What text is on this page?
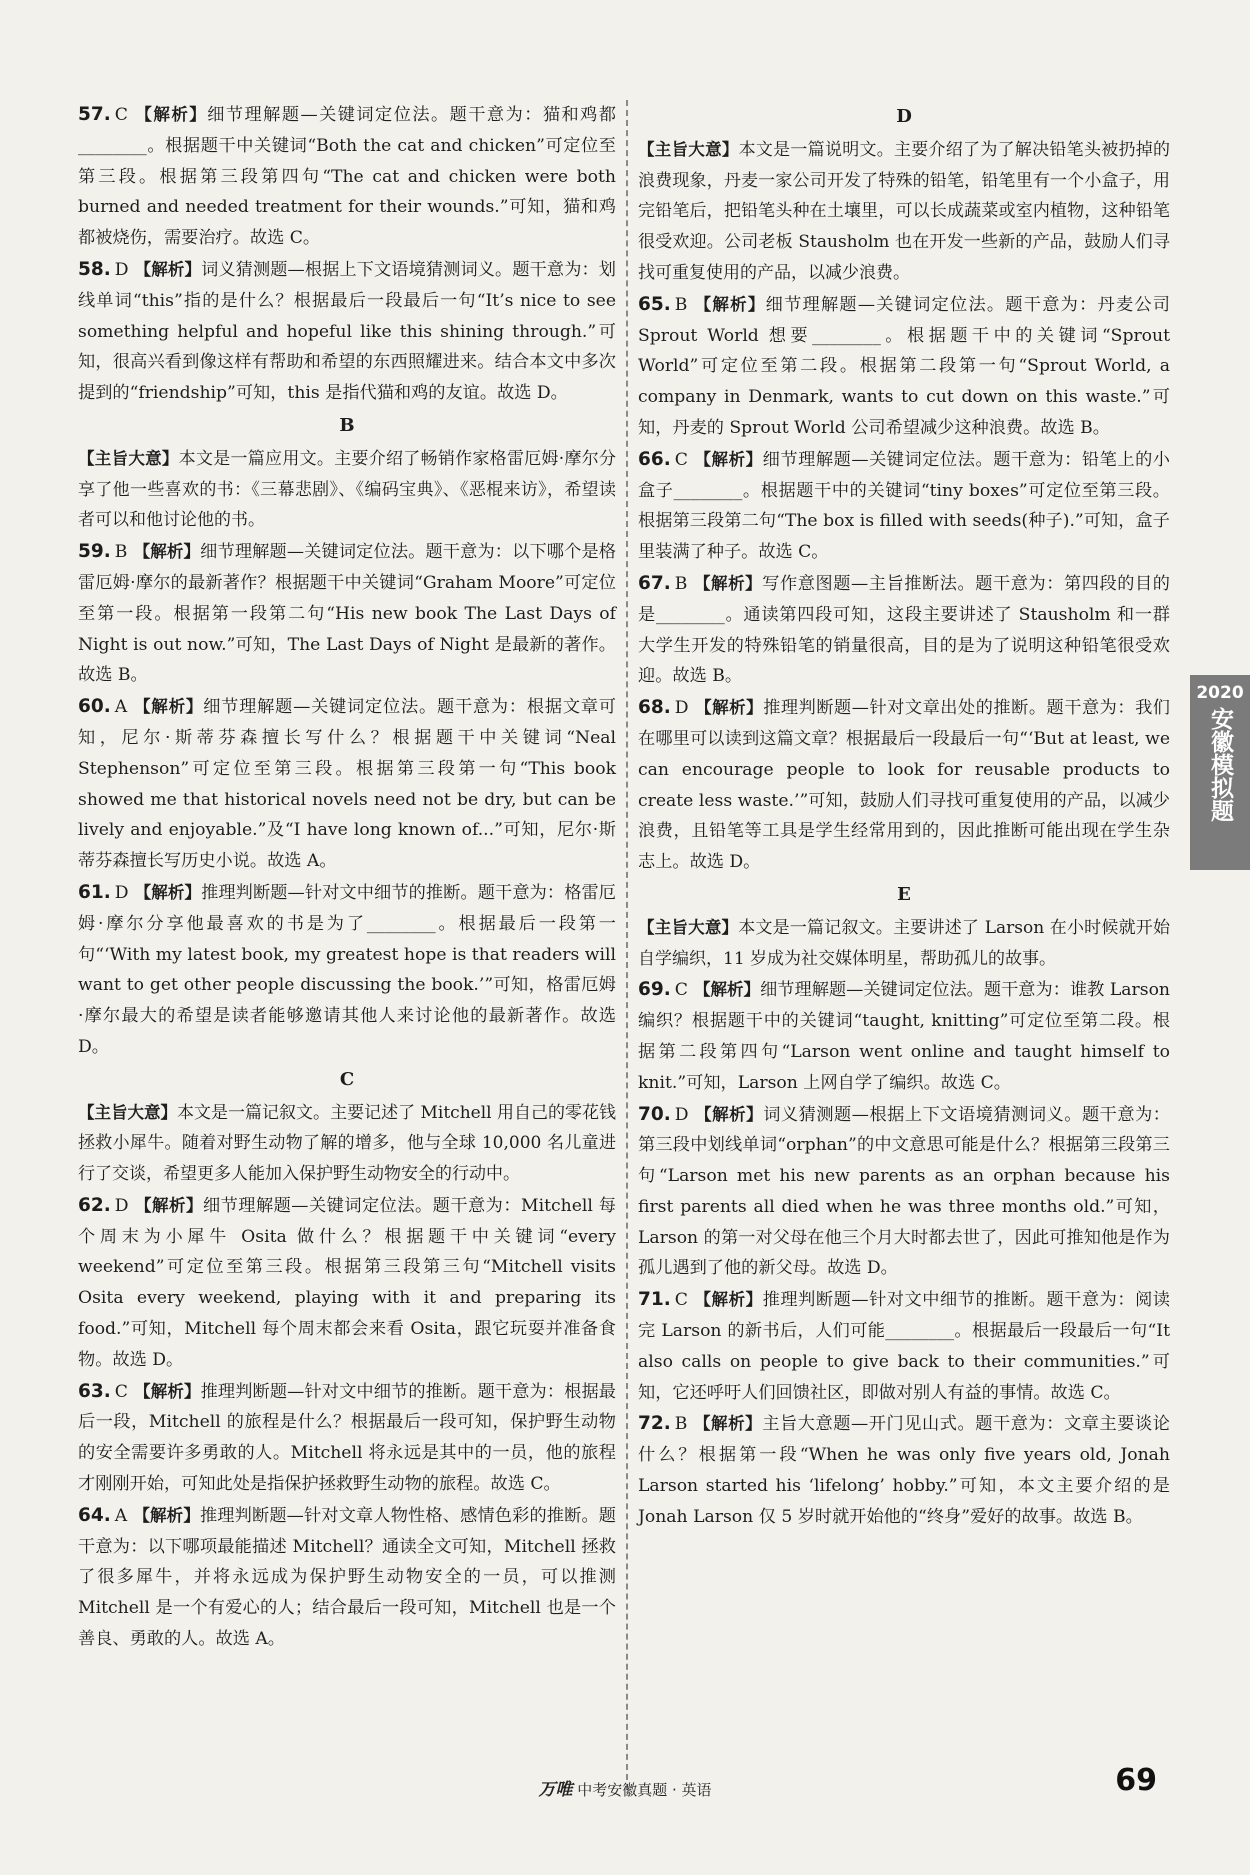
57. C 【解析】细节理解题—关键词定位法。题干意为：猫和鸡都________。根据题干中关键词“Both the cat and chicken”可定位至第三段。根据第三段第四句“The cat and chicken were both burned and needed treatment for their wounds.”可知，猫和鸡都被烧伤，需要治疗。故选 C。
58. D 【解析】词义猜测题—根据上下文语境猜测词义。题干意为：划线单词“this”指的是什么？根据最后一段最后一句“It’s nice to see something helpful and hopeful like this shining through.”可知，很高兴看到像这样有帮助和希望的东西照耀进来。结合本文中多次提到的“friendship”可知，this 是指代猫和鸡的友谊。故选 D。
B
【主旨大意】本文是一篇应用文。主要介绍了畅销作家格雷厄姆·摩尔分享了他一些喜欢的书：《三幕悲剧》、《编码宝典》、《恶棍来访》，希望读者可以和他讨论他的书。
59. B 【解析】细节理解题—关键词定位法。题干意为：以下哪个是格雷厄姆·摩尔的最新著作？根据题干中关键词“Graham Moore”可定位至第一段。根据第一段第二句“His new book The Last Days of Night is out now.”可知，The Last Days of Night 是最新的著作。故选 B。
60. A 【解析】细节理解题—关键词定位法。题干意为：根据文章可知，尼尔·斯蒂芬森擅长写什么？根据题干中关键词“Neal Stephenson”可定位至第三段。根据第三段第一句“This book showed me that historical novels need not be dry, but can be lively and enjoyable.”及“I have long known of...”可知，尼尔·斯蒂芬森擅长写历史小说。故选 A。
61. D 【解析】推理判断题—针对文中细节的推断。题干意为：格雷厄姆·摩尔分享他最喜欢的书是为了________。根据最后一段第一句“‘With my latest book, my greatest hope is that readers will want to get other people discussing the book.’”可知，格雷厄姆·摩尔最大的希望是读者能够邀请其他人来讨论他的最新著作。故选 D。
C
【主旨大意】本文是一篇记叙文。主要记述了 Mitchell 用自己的零花钱拯救小犀牛。随着对野生动物了解的增多，他与全球 10,000 名儿童进行了交谈，希望更多人能加入保护野生动物安全的行动中。
62. D 【解析】细节理解题—关键词定位法。题干意为：Mitchell 每个周末为小犀牛 Osita 做什么？根据题干中关键词“every weekend”可定位至第三段。根据第三段第三句“Mitchell visits Osita every weekend, playing with it and preparing its food.”可知，Mitchell 每个周末都会来看 Osita，跟它玩耍并准备食物。故选 D。
63. C 【解析】推理判断题—针对文中细节的推断。题干意为：根据最后一段，Mitchell 的旅程是什么？根据最后一段可知，保护野生动物的安全需要许多勇敢的人。Mitchell 将永远是其中的一员，他的旅程才刚刚开始，可知此处是指保护拯救野生动物的旅程。故选 C。
64. A 【解析】推理判断题—针对文章人物性格、感情色彩的推断。题干意为：以下哪项最能描述 Mitchell？通读全文可知，Mitchell 拯救了很多犀牛，并将永远成为保护野生动物安全的一员，可以推测 Mitchell 是一个有爱心的人；结合最后一段可知，Mitchell 也是一个善良、勇敢的人。故选 A。
D
【主旨大意】本文是一篇说明文。主要介绍了为了解决铅笔头被扔掉的浪费现象，丹麦一家公司开发了特殊的铅笔，铅笔里有一个小盒子，用完铅笔后，把铅笔头种在土壤里，可以长成蔬菜或室内植物，这种铅笔很受欢迎。公司老板 Stausholm 也在开发一些新的产品，鼓励人们寻找可重复使用的产品，以减少浪费。
65. B 【解析】细节理解题—关键词定位法。题干意为：丹麦公司 Sprout World 想要________。根据题干中的关键词“Sprout World”可定位至第二段。根据第二段第一句“Sprout World, a company in Denmark, wants to cut down on this waste.”可知，丹麦的 Sprout World 公司希望减少这种浪费。故选 B。
66. C 【解析】细节理解题—关键词定位法。题干意为：铅笔上的小盒子________。根据题干中的关键词“tiny boxes”可定位至第三段。根据第三段第二句“The box is filled with seeds(种子).”可知，盒子里装满了种子。故选 C。
67. B 【解析】写作意图题—主旨推断法。题干意为：第四段的目的是________。通读第四段可知，这段主要讲述了 Stausholm 和一群大学生开发的特殊铅笔的销量很高，目的是为了说明这种铅笔很受欢迎。故选 B。
68. D 【解析】推理判断题—针对文章出处的推断。题干意为：我们在哪里可以读到这篇文章？根据最后一段最后一句“‘But at least, we can encourage people to look for reusable products to create less waste.’”可知，鼓励人们寻找可重复使用的产品，以减少浪费，且铅笔等工具是学生经常用到的，因此推断可能出现在学生杂志上。故选 D。
E
【主旨大意】本文是一篇记叙文。主要讲述了 Larson 在小时候就开始自学编织，11 岁成为社交媒体明星，帮助孤儿的故事。
69. C 【解析】细节理解题—关键词定位法。题干意为：谁教 Larson 编织？根据题干中的关键词“taught, knitting”可定位至第二段。根据第二段第四句“Larson went online and taught himself to knit.”可知，Larson 上网自学了编织。故选 C。
70. D 【解析】词义猜测题—根据上下文语境猜测词义。题干意为：第三段中划线单词“orphan”的中文意思可能是什么？根据第三段第三句“Larson met his new parents as an orphan because his first parents all died when he was three months old.”可知，Larson 的第一对父母在他三个月大时都去世了，因此可推知他是作为孤儿遇到了他的新父母。故选 D。
71. C 【解析】推理判断题—针对文中细节的推断。题干意为：阅读完 Larson 的新书后，人们可能________。根据最后一段最后一句“It also calls on people to give back to their communities.”可知，它还呼吁人们回馈社区，即做对别人有益的事情。故选 C。
72. B 【解析】主旨大意题—开门见山式。题干意为：文章主要谈论什么？根据第一段“When he was only five years old, Jonah Larson started his ‘lifelong’ hobby.”可知，本文主要介绍的是 Jonah Larson 仅 5 岁时就开始他的“终身”爱好的故事。故选 B。
2020
安徽模拟题
万唯 中考安徽真题 · 英语	69
